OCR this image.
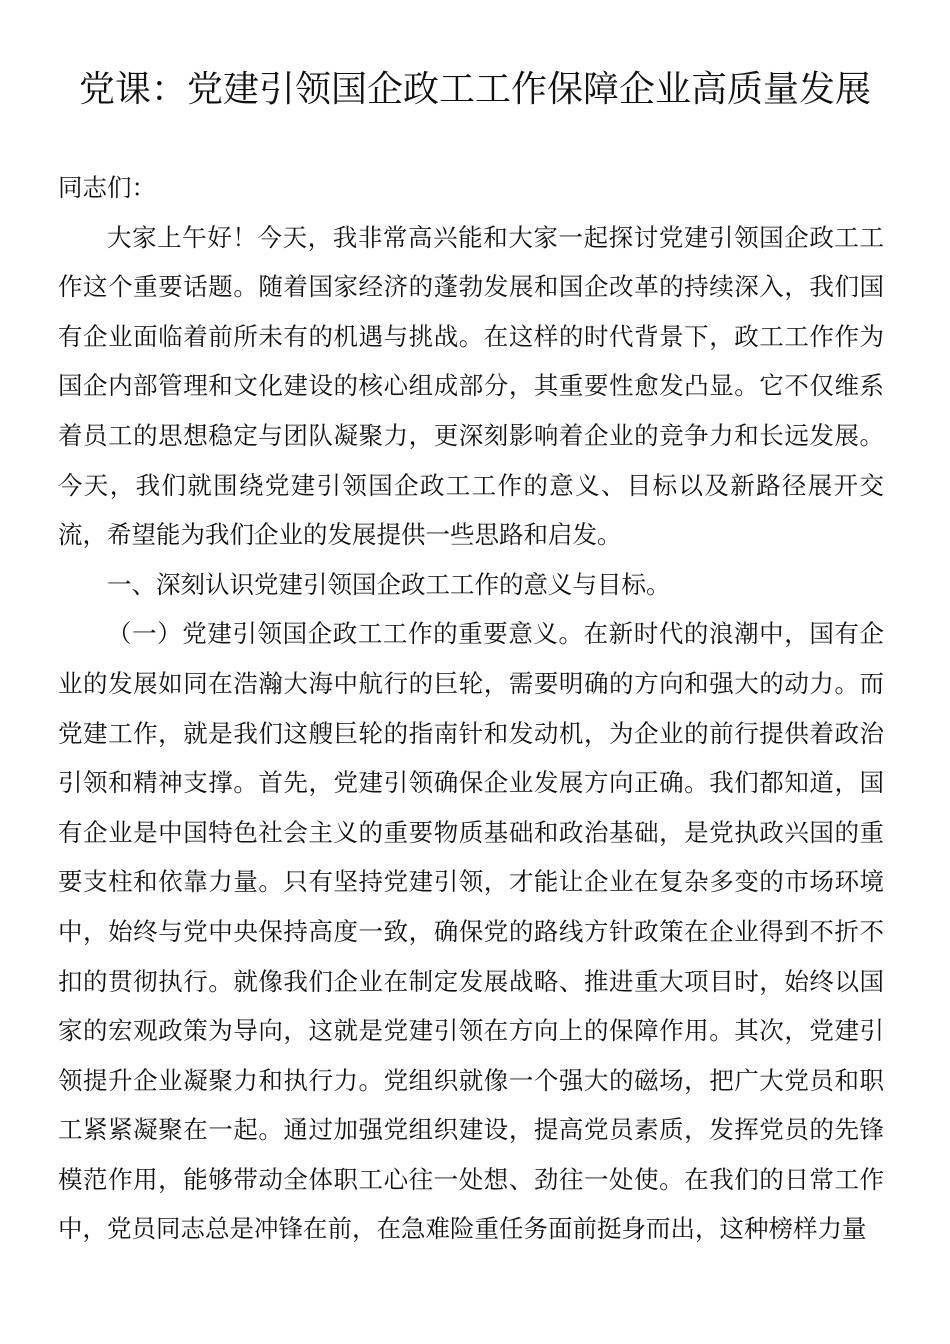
党课：党建引领国企政工工作保障企业高质量发展

同志们：

大家上午好！今天，我非常高兴能和大家一起探讨党建引领国企政工工作这个重要话题。随着国家经济的蓬勃发展和国企改革的持续深入，我们国有企业面临着前所未有的机遇与挑战。在这样的时代背景下，政工工作作为国企内部管理和文化建设的核心组成部分，其重要性愈发凸显。它不仅维系着员工的思想稳定与团队凝聚力，更深刻影响着企业的竞争力和长远发展。今天，我们就围绕党建引领国企政工工作的意义、目标以及新路径展开交流，希望能为我们企业的发展提供一些思路和启发。

一、深刻认识党建引领国企政工工作的意义与目标。

（一）党建引领国企政工工作的重要意义。在新时代的浪潮中，国有企业的发展如同在浩瀚大海中航行的巨轮，需要明确的方向和强大的动力。而党建工作，就是我们这艘巨轮的指南针和发动机，为企业的前行提供着政治引领和精神支撑。首先，党建引领确保企业发展方向正确。我们都知道，国有企业是中国特色社会主义的重要物质基础和政治基础，是党执政兴国的重要支柱和依靠力量。只有坚持党建引领，才能让企业在复杂多变的市场环境中，始终与党中央保持高度一致，确保党的路线方针政策在企业得到不折不扣的贯彻执行。就像我们企业在制定发展战略、推进重大项目时，始终以国家的宏观政策为导向，这就是党建引领在方向上的保障作用。其次，党建引领提升企业凝聚力和执行力。党组织就像一个强大的磁场，把广大党员和职工紧紧凝聚在一起。通过加强党组织建设，提高党员素质，发挥党员的先锋模范作用，能够带动全体职工心往一处想、劲往一处使。在我们的日常工作中，党员同志总是冲锋在前，在急难险重任务面前挺身而出，这种榜样力量
